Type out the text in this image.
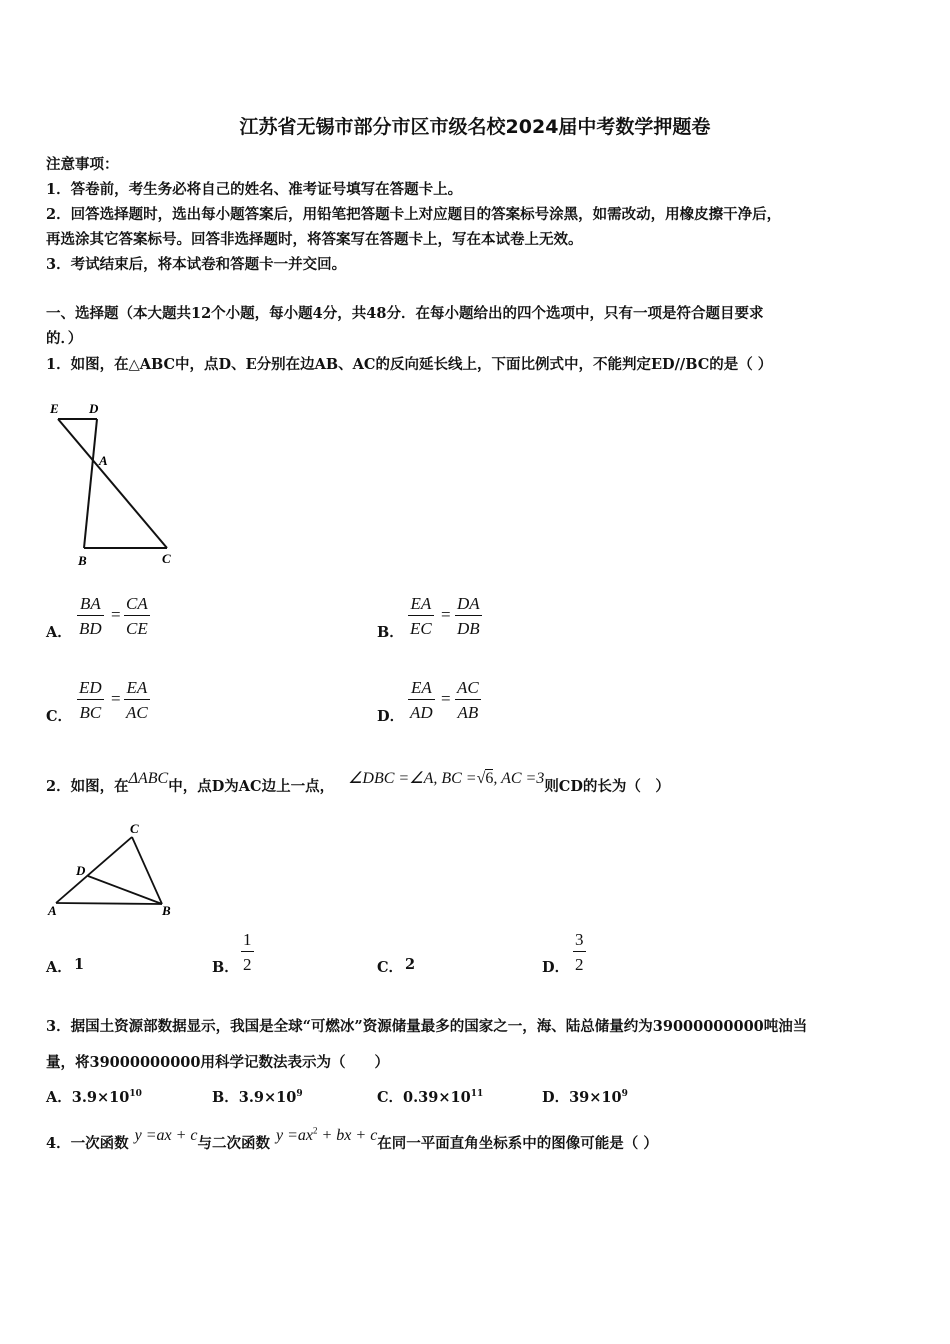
江苏省无锡市部分市区市级名校2024届中考数学押题卷
注意事项：
1．答卷前，考生务必将自己的姓名、准考证号填写在答题卡上。
2．回答选择题时，选出每小题答案后，用铅笔把答题卡上对应题目的答案标号涂黑，如需改动，用橡皮擦干净后，
再选涂其它答案标号。回答非选择题时，将答案写在答题卡上，写在本试卷上无效。
3．考试结束后，将本试卷和答题卡一并交回。
一、选择题（本大题共12个小题，每小题4分，共48分．在每小题给出的四个选项中，只有一项是符合题目要求
的．）
1．如图，在△ABC中，点D、E分别在边AB、AC的反向延长线上，下面比例式中，不能判定ED//BC的是（ ）
E D
A
B	C
A．
BA
BD
=
CA
CE	B．
EA
EC
=
DA
DB
C．
ED
BC
=
EA
AC	D．
EA
AD
=
AC
AB
2．如图，在ΔABC中，点D为AC边上一点， ∠DBC =∠A, BC =√6, AC =3则CD的长为（　）
C
D
A	B
A． 1	B．
1
2	C． 2	D．
3
2
3．据国土资源部数据显示，我国是全球“可燃冰”资源储量最多的国家之一，海、陆总储量约为39000000000吨油当
量，将39000000000用科学记数法表示为（　　）
A．$3.9\times 10^{10}$	B．$3.9\times 10^9$	C．$0.39\times 10^{11}$	D．$39\times 10^9$
4．一次函数 y =ax + c与二次函数 $y =ax^2$ + bx + c在同一平面直角坐标系中的图像可能是（ ）
